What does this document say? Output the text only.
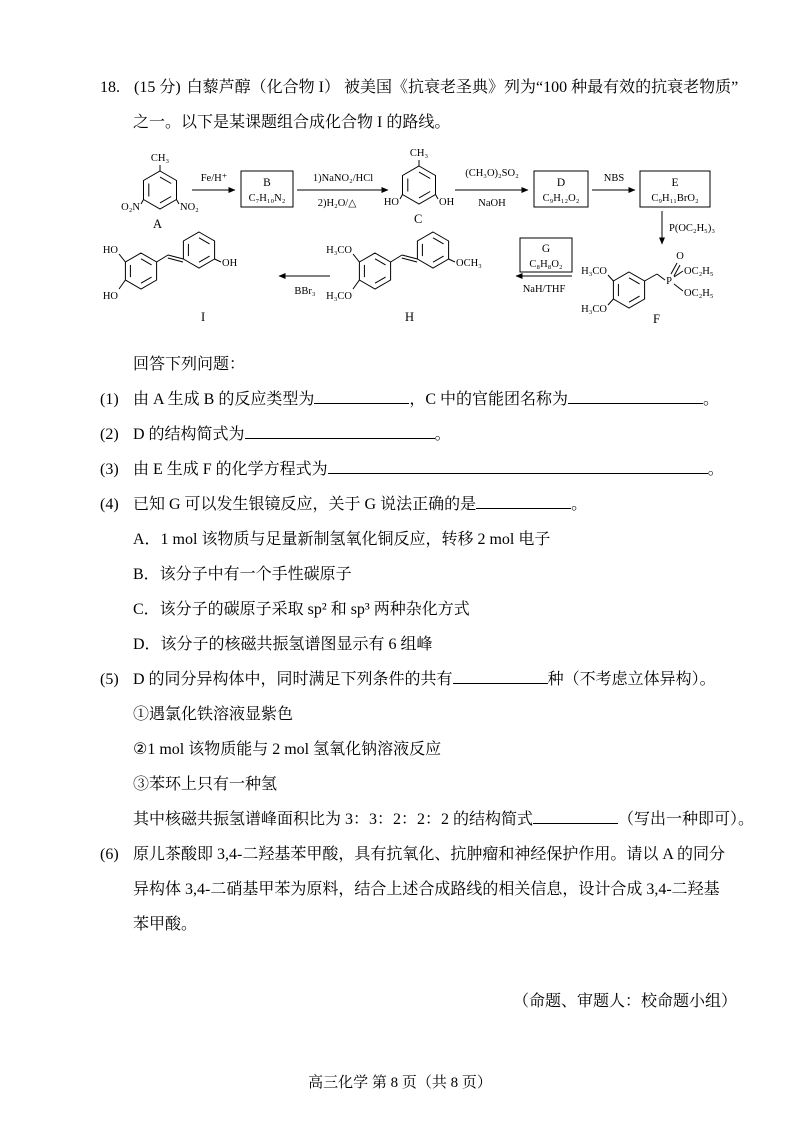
18. (15 分) 白藜芦醇（化合物 I） 被美国《抗衰老圣典》列为“100 种最有效的抗衰老物质”

之一。以下是某课题组合成化合物 I 的路线。

CH₃
O₂N	NO₂
A
Fe/H⁺	B
C₇H₁₀N₂
1)NaNO₂/HCl
2)H₂O/△
CH₃
HO	OH
C
(CH₃O)₂SO₂
NaOH
D
C₉H₁₂O₂
NBS	E
C₉H₁₁BrO₂
P(OC₂H₅)₃
H₃CO
H₃CO
P
O
OC₂H₅
OC₂H₅
F
G
C₈H₈O₂
NaH/THF
H₃CO
H₃CO
OCH₃
H
BBr₃
HO
HO
OH
I

回答下列问题：

(1) 由 A 生成 B 的反应类型为	，C 中的官能团名称为	。

(2) D 的结构简式为	。

(3) 由 E 生成 F 的化学方程式为	。

(4) 已知 G 可以发生银镜反应，关于 G 说法正确的是	。

A．1 mol 该物质与足量新制氢氧化铜反应，转移 2 mol 电子

B．该分子中有一个手性碳原子

C．该分子的碳原子采取 sp² 和 sp³ 两种杂化方式

D．该分子的核磁共振氢谱图显示有 6 组峰

(5) D 的同分异构体中，同时满足下列条件的共有	种（不考虑立体异构）。

①遇氯化铁溶液显紫色

②1 mol 该物质能与 2 mol 氢氧化钠溶液反应

③苯环上只有一种氢

其中核磁共振氢谱峰面积比为 3：3：2：2：2 的结构简式	（写出一种即可）。

(6) 原儿茶酸即 3,4-二羟基苯甲酸，具有抗氧化、抗肿瘤和神经保护作用。请以 A 的同分

异构体 3,4-二硝基甲苯为原料，结合上述合成路线的相关信息，设计合成 3,4-二羟基

苯甲酸。

（命题、审题人：校命题小组）

高三化学 第 8 页（共 8 页）
